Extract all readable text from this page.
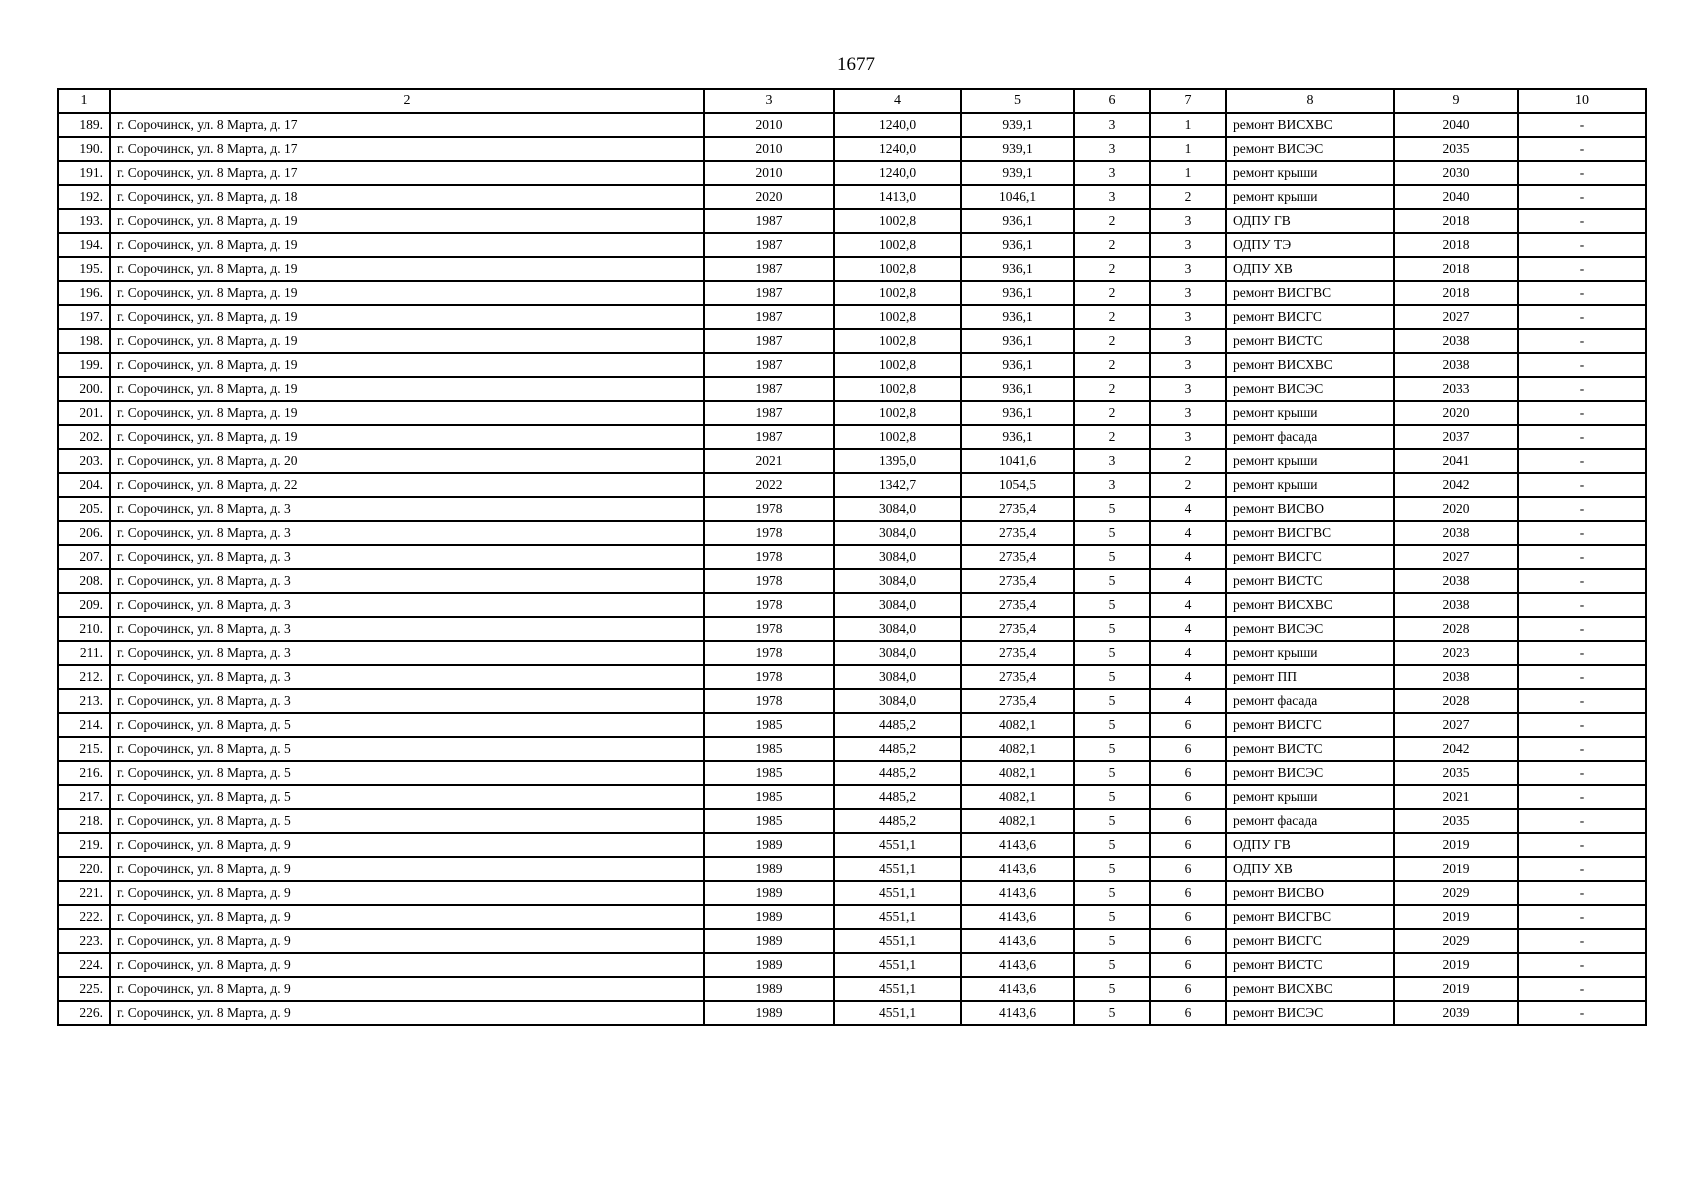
1677
1	2	3	4	5	6	7	8	9	10
189.	г. Сорочинск, ул. 8 Марта, д. 17	2010	1240,0	939,1	3	1	ремонт ВИСХВС	2040	-
190.	г. Сорочинск, ул. 8 Марта, д. 17	2010	1240,0	939,1	3	1	ремонт ВИСЭС	2035	-
191.	г. Сорочинск, ул. 8 Марта, д. 17	2010	1240,0	939,1	3	1	ремонт крыши	2030	-
192.	г. Сорочинск, ул. 8 Марта, д. 18	2020	1413,0	1046,1	3	2	ремонт крыши	2040	-
193.	г. Сорочинск, ул. 8 Марта, д. 19	1987	1002,8	936,1	2	3	ОДПУ ГВ	2018	-
194.	г. Сорочинск, ул. 8 Марта, д. 19	1987	1002,8	936,1	2	3	ОДПУ ТЭ	2018	-
195.	г. Сорочинск, ул. 8 Марта, д. 19	1987	1002,8	936,1	2	3	ОДПУ ХВ	2018	-
196.	г. Сорочинск, ул. 8 Марта, д. 19	1987	1002,8	936,1	2	3	ремонт ВИСГВС	2018	-
197.	г. Сорочинск, ул. 8 Марта, д. 19	1987	1002,8	936,1	2	3	ремонт ВИСГС	2027	-
198.	г. Сорочинск, ул. 8 Марта, д. 19	1987	1002,8	936,1	2	3	ремонт ВИСТС	2038	-
199.	г. Сорочинск, ул. 8 Марта, д. 19	1987	1002,8	936,1	2	3	ремонт ВИСХВС	2038	-
200.	г. Сорочинск, ул. 8 Марта, д. 19	1987	1002,8	936,1	2	3	ремонт ВИСЭС	2033	-
201.	г. Сорочинск, ул. 8 Марта, д. 19	1987	1002,8	936,1	2	3	ремонт крыши	2020	-
202.	г. Сорочинск, ул. 8 Марта, д. 19	1987	1002,8	936,1	2	3	ремонт фасада	2037	-
203.	г. Сорочинск, ул. 8 Марта, д. 20	2021	1395,0	1041,6	3	2	ремонт крыши	2041	-
204.	г. Сорочинск, ул. 8 Марта, д. 22	2022	1342,7	1054,5	3	2	ремонт крыши	2042	-
205.	г. Сорочинск, ул. 8 Марта, д. 3	1978	3084,0	2735,4	5	4	ремонт ВИСВО	2020	-
206.	г. Сорочинск, ул. 8 Марта, д. 3	1978	3084,0	2735,4	5	4	ремонт ВИСГВС	2038	-
207.	г. Сорочинск, ул. 8 Марта, д. 3	1978	3084,0	2735,4	5	4	ремонт ВИСГС	2027	-
208.	г. Сорочинск, ул. 8 Марта, д. 3	1978	3084,0	2735,4	5	4	ремонт ВИСТС	2038	-
209.	г. Сорочинск, ул. 8 Марта, д. 3	1978	3084,0	2735,4	5	4	ремонт ВИСХВС	2038	-
210.	г. Сорочинск, ул. 8 Марта, д. 3	1978	3084,0	2735,4	5	4	ремонт ВИСЭС	2028	-
211.	г. Сорочинск, ул. 8 Марта, д. 3	1978	3084,0	2735,4	5	4	ремонт крыши	2023	-
212.	г. Сорочинск, ул. 8 Марта, д. 3	1978	3084,0	2735,4	5	4	ремонт ПП	2038	-
213.	г. Сорочинск, ул. 8 Марта, д. 3	1978	3084,0	2735,4	5	4	ремонт фасада	2028	-
214.	г. Сорочинск, ул. 8 Марта, д. 5	1985	4485,2	4082,1	5	6	ремонт ВИСГС	2027	-
215.	г. Сорочинск, ул. 8 Марта, д. 5	1985	4485,2	4082,1	5	6	ремонт ВИСТС	2042	-
216.	г. Сорочинск, ул. 8 Марта, д. 5	1985	4485,2	4082,1	5	6	ремонт ВИСЭС	2035	-
217.	г. Сорочинск, ул. 8 Марта, д. 5	1985	4485,2	4082,1	5	6	ремонт крыши	2021	-
218.	г. Сорочинск, ул. 8 Марта, д. 5	1985	4485,2	4082,1	5	6	ремонт фасада	2035	-
219.	г. Сорочинск, ул. 8 Марта, д. 9	1989	4551,1	4143,6	5	6	ОДПУ ГВ	2019	-
220.	г. Сорочинск, ул. 8 Марта, д. 9	1989	4551,1	4143,6	5	6	ОДПУ ХВ	2019	-
221.	г. Сорочинск, ул. 8 Марта, д. 9	1989	4551,1	4143,6	5	6	ремонт ВИСВО	2029	-
222.	г. Сорочинск, ул. 8 Марта, д. 9	1989	4551,1	4143,6	5	6	ремонт ВИСГВС	2019	-
223.	г. Сорочинск, ул. 8 Марта, д. 9	1989	4551,1	4143,6	5	6	ремонт ВИСГС	2029	-
224.	г. Сорочинск, ул. 8 Марта, д. 9	1989	4551,1	4143,6	5	6	ремонт ВИСТС	2019	-
225.	г. Сорочинск, ул. 8 Марта, д. 9	1989	4551,1	4143,6	5	6	ремонт ВИСХВС	2019	-
226.	г. Сорочинск, ул. 8 Марта, д. 9	1989	4551,1	4143,6	5	6	ремонт ВИСЭС	2039	-
